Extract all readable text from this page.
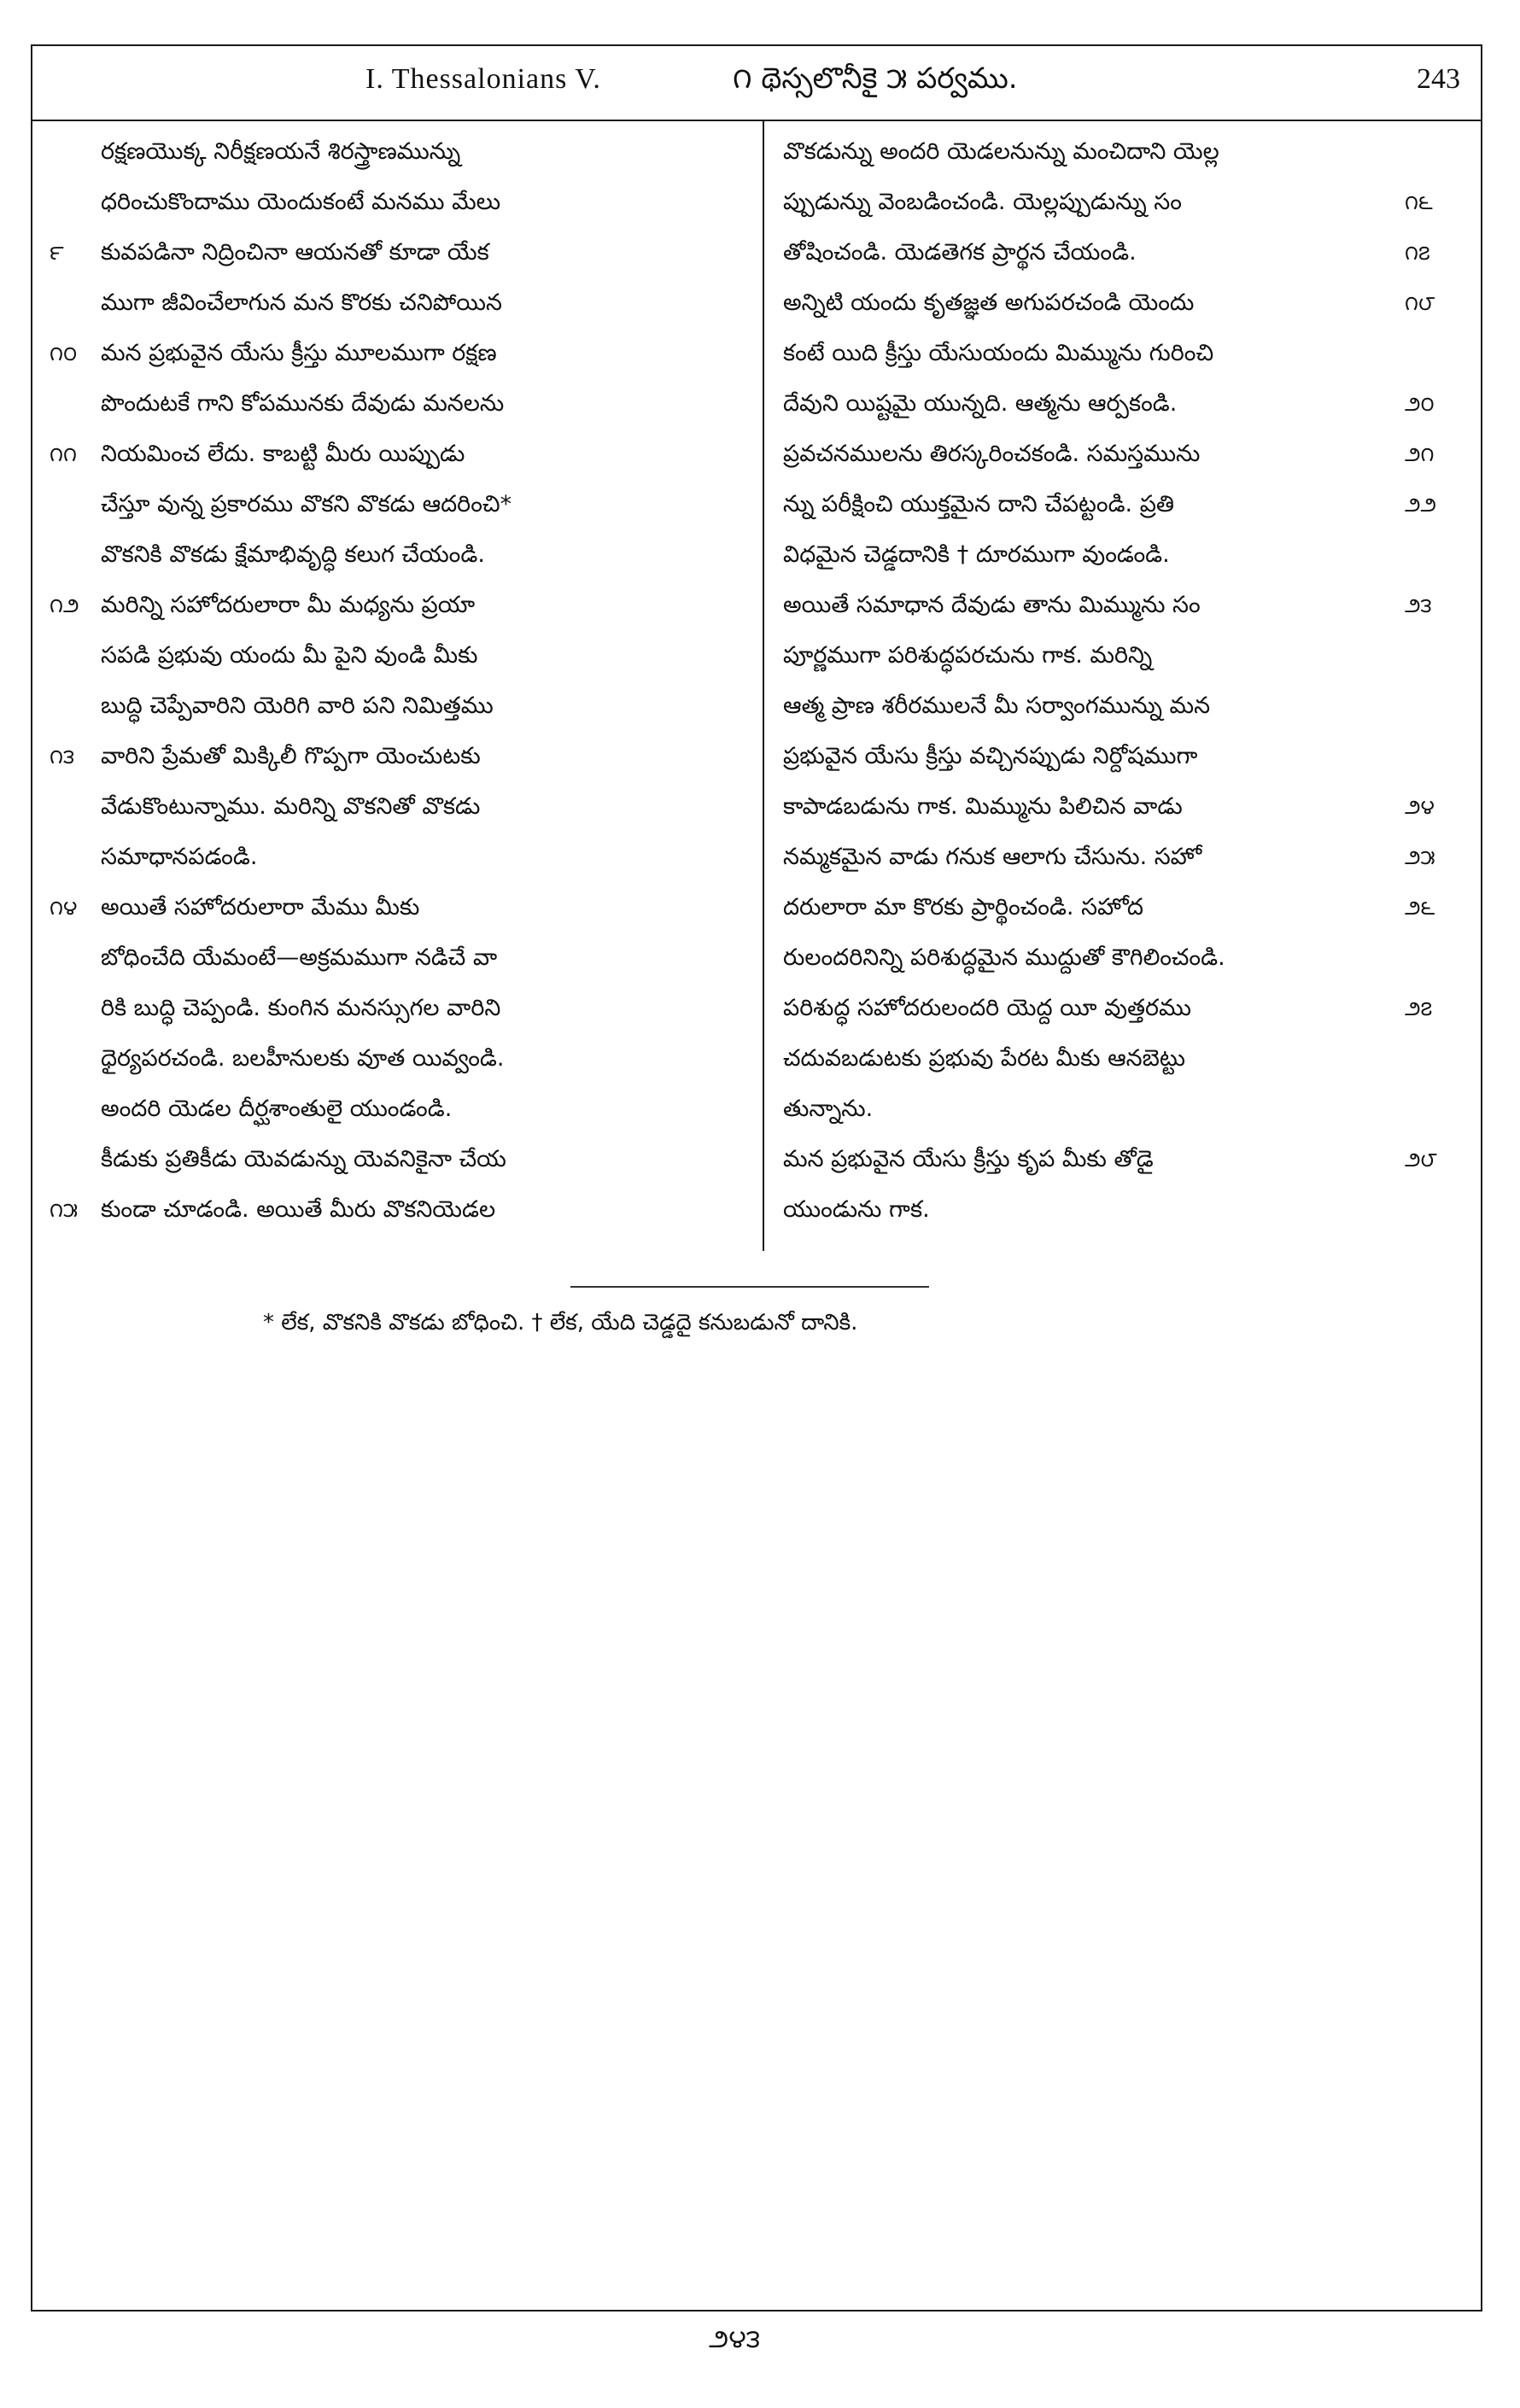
I. Thessalonians V.	౧ థెస్సలొనీకై ౫ పర్వము.	243
రక్షణయొక్క నిరీక్షణయనే శిరస్త్రాణమున్ను
ధరించుకొందాము యెందుకంటే మనము మేలు
౯	కువపడినా నిద్రించినా ఆయనతో కూడా యేక
ముగా జీవించేలాగున మన కొరకు చనిపోయిన
౧౦	మన ప్రభువైన యేసు క్రీస్తు మూలముగా రక్షణ
పొందుటకే గాని కోపమునకు దేవుడు మనలను
౧౧	నియమించ లేదు. కాబట్టి మీరు యిప్పుడు
చేస్తూ వున్న ప్రకారము వొకని వొకడు ఆదరించి*
వొకనికి వొకడు క్షేమాభివృద్ధి కలుగ చేయండి.
౧౨ మరిన్ని సహోదరులారా మీ మధ్యను ప్రయా
సపడి ప్రభువు యందు మీ పైని వుండి మీకు
బుద్ధి చెప్పేవారిని యెరిగి వారి పని నిమిత్తము
౧౩	వారిని ప్రేమతో మిక్కిలీ గొప్పగా యెంచుటకు
వేడుకొంటున్నాము. మరిన్ని వొకనితో వొకడు
సమాధానపడండి.
౧౪	అయితే సహోదరులారా మేము మీకు
బోధించేది యేమంటే—అక్రమముగా నడిచే వా
రికి బుద్ధి చెప్పండి. కుంగిన మనస్సుగల వారిని
ధైర్యపరచండి. బలహీనులకు వూత యివ్వండి.
అందరి యెడల దీర్ఘశాంతులై యుండండి.
కీడుకు ప్రతికీడు యెవడున్ను యెవనికైనా చేయ
౧౫ కుండా చూడండి. అయితే మీరు వొకనియెడల
వొకడున్ను అందరి యెడలనున్ను మంచిదాని యెల్ల
౧౬
ప్పుడున్ను వెంబడించండి. యెల్లప్పుడున్ను సం
౧౭
తోషించండి. యెడతెగక ప్రార్థన చేయండి.
౧౮
అన్నిటి యందు కృతజ్ఞత అగుపరచండి యెందు
కంటే యిది క్రీస్తు యేసుయందు మిమ్మును గురించి
౨౦
దేవుని యిష్టమై యున్నది. ఆత్మను ఆర్పకండి.
౨౧
ప్రవచనములను తిరస్కరించకండి. సమస్తమును
౨౨
న్ను పరీక్షించి యుక్తమైన దాని చేపట్టండి. ప్రతి
విధమైన చెడ్డదానికి † దూరముగా వుండండి.
౨౩
అయితే సమాధాన దేవుడు తాను మిమ్మును సం
పూర్ణముగా పరిశుద్ధపరచును గాక. మరిన్ని
ఆత్మ ప్రాణ శరీరములనే మీ సర్వాంగమున్ను మన
ప్రభువైన యేసు క్రీస్తు వచ్చినప్పుడు నిర్దోషముగా
౨౪
కాపాడబడును గాక. మిమ్మును పిలిచిన వాడు
౨౫
నమ్మకమైన వాడు గనుక ఆలాగు చేసును. సహో
౨౬
దరులారా మా కొరకు ప్రార్థించండి. సహోద
రులందరినిన్ని పరిశుద్ధమైన ముద్దుతో కౌగిలించండి.
౨౭
పరిశుద్ధ సహోదరులందరి యెద్ద యీ వుత్తరము
చదువబడుటకు ప్రభువు పేరట మీకు ఆనబెట్టు
తున్నాను.
౨౮
మన ప్రభువైన యేసు క్రీస్తు కృప మీకు తోడై
యుండును గాక.
* లేక, వొకనికి వొకడు బోధించి. † లేక, యేది చెడ్డదై కనుబడునో దానికి.
౨౪౩
